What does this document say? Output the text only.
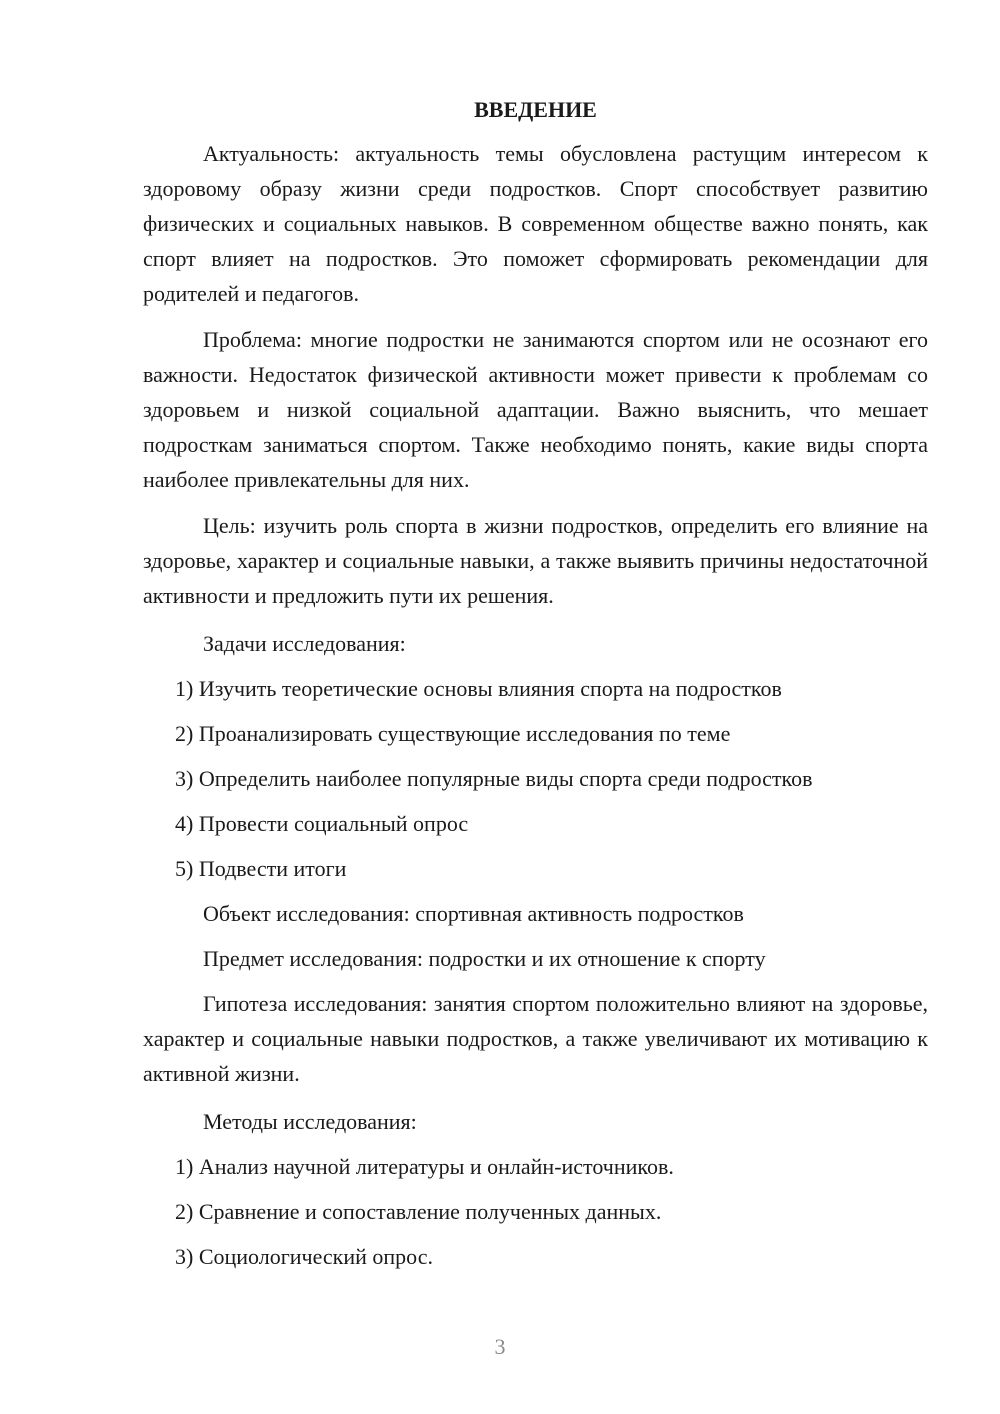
ВВЕДЕНИЕ

Актуальность: актуальность темы обусловлена растущим интересом к здоровому образу жизни среди подростков. Спорт способствует развитию физических и социальных навыков. В современном обществе важно понять, как спорт влияет на подростков. Это поможет сформировать рекомендации для родителей и педагогов.

Проблема: многие подростки не занимаются спортом или не осознают его важности. Недостаток физической активности может привести к проблемам со здоровьем и низкой социальной адаптации. Важно выяснить, что мешает подросткам заниматься спортом. Также необходимо понять, какие виды спорта наиболее привлекательны для них.

Цель: изучить роль спорта в жизни подростков, определить его влияние на здоровье, характер и социальные навыки, а также выявить причины недостаточной активности и предложить пути их решения.

Задачи исследования:
1) Изучить теоретические основы влияния спорта на подростков
2) Проанализировать существующие исследования по теме
3) Определить наиболее популярные виды спорта среди подростков
4) Провести социальный опрос
5) Подвести итоги
Объект исследования: спортивная активность подростков
Предмет исследования: подростки и их отношение к спорту

Гипотеза исследования: занятия спортом положительно влияют на здоровье, характер и социальные навыки подростков, а также увеличивают их мотивацию к активной жизни.

Методы исследования:
1) Анализ научной литературы и онлайн-источников.
2) Сравнение и сопоставление полученных данных.
3) Социологический опрос.
3
